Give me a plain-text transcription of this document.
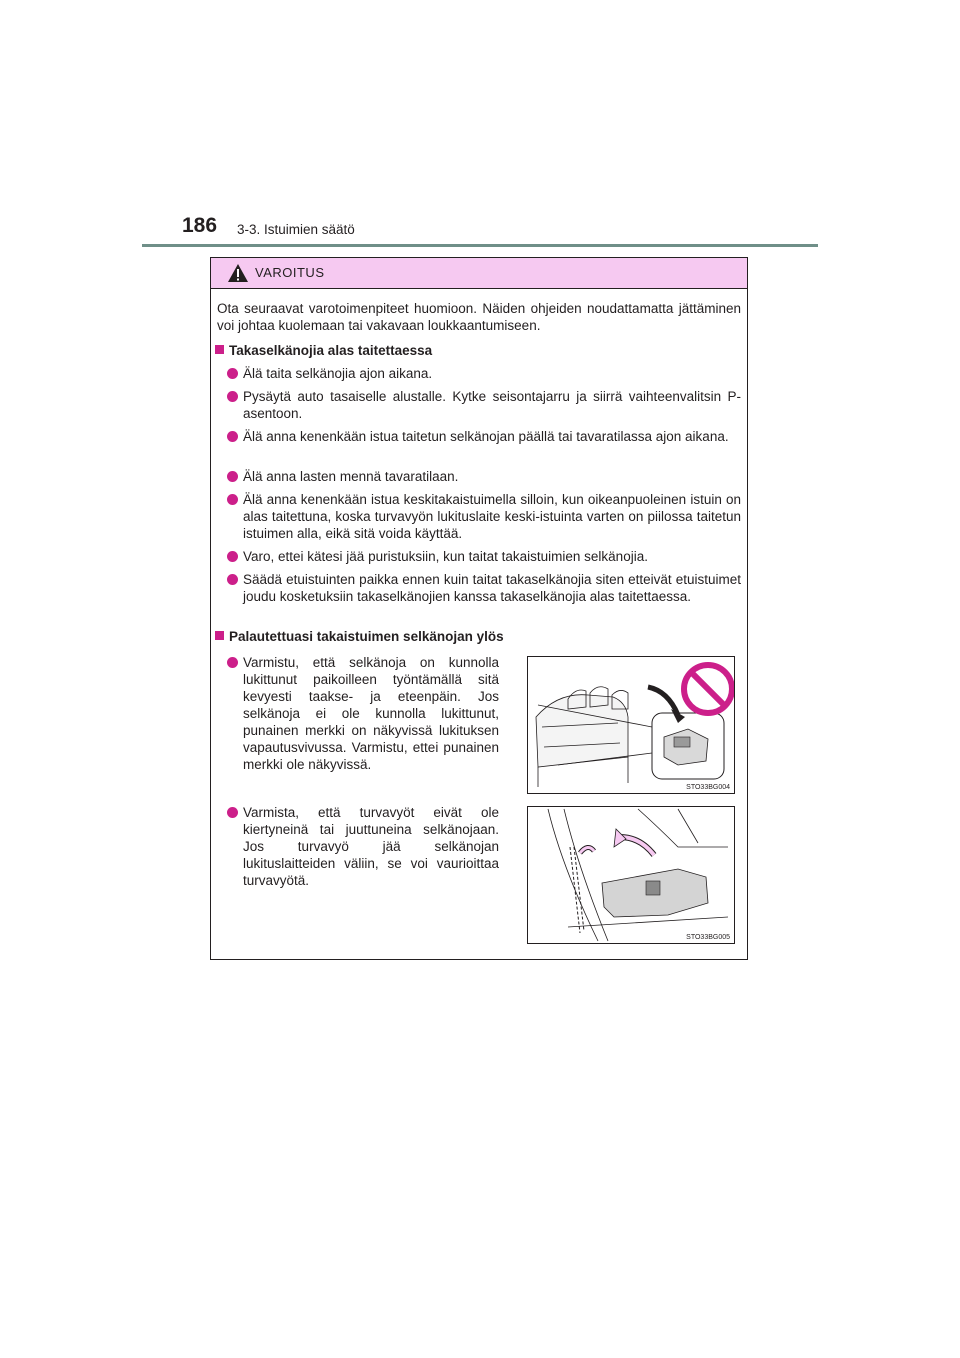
186 3-3. Istuimien säätö
VAROITUS
Ota seuraavat varotoimenpiteet huomioon. Näiden ohjeiden noudattamatta jättäminen voi johtaa kuolemaan tai vakavaan loukkaantumiseen.
Takaselkänojia alas taitettaessa
Älä taita selkänojia ajon aikana.
Pysäytä auto tasaiselle alustalle. Kytke seisontajarru ja siirrä vaihteenvalitsin P-asentoon.
Älä anna kenenkään istua taitetun selkänojan päällä tai tavaratilassa ajon aikana.
Älä anna lasten mennä tavaratilaan.
Älä anna kenenkään istua keskitakaistuimella silloin, kun oikeanpuoleinen istuin on alas taitettuna, koska turvavyön lukituslaite keski-istuinta varten on piilossa taitetun istuimen alla, eikä sitä voida käyttää.
Varo, ettei kätesi jää puristuksiin, kun taitat takaistuimien selkänojia.
Säädä etuistuinten paikka ennen kuin taitat takaselkänojia siten etteivät etuistuimet joudu kosketuksiin takaselkänojien kanssa takaselkänojia alas taitettaessa.
Palautettuasi takaistuimen selkänojan ylös
Varmistu, että selkänoja on kunnolla lukittunut paikoilleen työntämällä sitä kevyesti taakse- ja eteenpäin. Jos selkänoja ei ole kunnolla lukittunut, punainen merkki on näkyvissä lukituksen vapautusvivussa. Varmistu, ettei punainen merkki ole näkyvissä.
Varmista, että turvavyöt eivät ole kiertyneinä tai juuttuneina selkänojaan. Jos turvavyö jää selkänojan lukituslaitteiden väliin, se voi vaurioittaa turvavyötä.
STO33BG004
STO33BG005
